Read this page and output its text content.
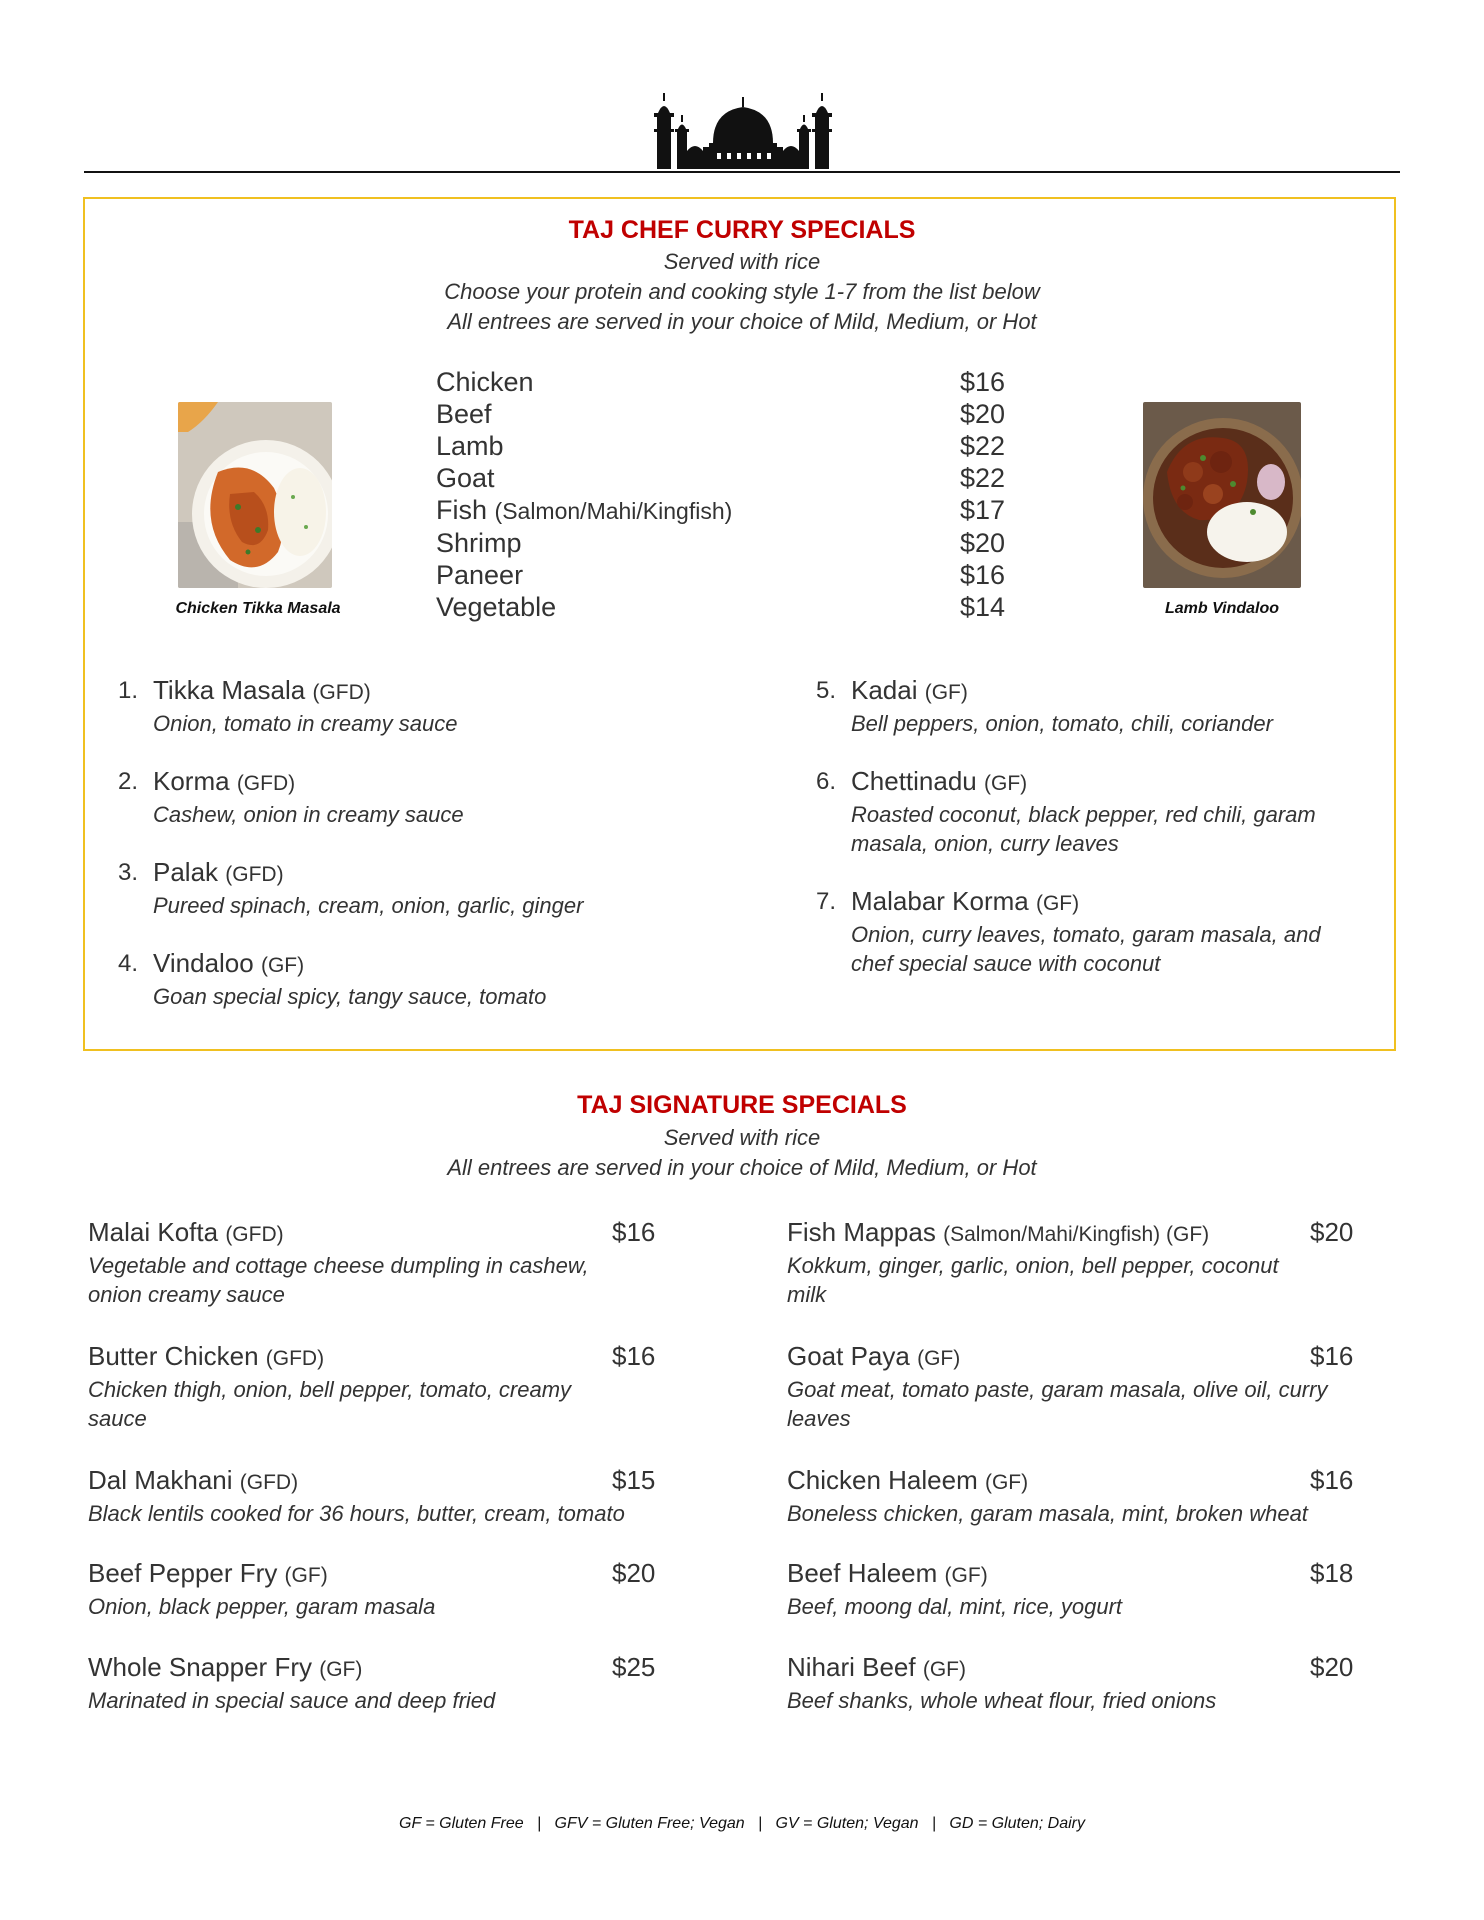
TAJ CHEF CURRY SPECIALS
Served with rice
Choose your protein and cooking style 1-7 from the list below
All entrees are served in your choice of Mild, Medium, or Hot
Chicken Tikka Masala	Lamb Vindaloo
Chicken	$16
Beef	$20
Lamb	$22
Goat	$22
Fish (Salmon/Mahi/Kingfish)	$17
Shrimp	$20
Paneer	$16
Vegetable	$14
1. Tikka Masala (GFD)
Onion, tomato in creamy sauce
2. Korma (GFD)
Cashew, onion in creamy sauce
3. Palak (GFD)
Pureed spinach, cream, onion, garlic, ginger
4. Vindaloo (GF)
Goan special spicy, tangy sauce, tomato
5. Kadai (GF)
Bell peppers, onion, tomato, chili, coriander
6. Chettinadu (GF)
Roasted coconut, black pepper, red chili, garam
masala, onion, curry leaves
7. Malabar Korma (GF)
Onion, curry leaves, tomato, garam masala, and
chef special sauce with coconut
TAJ SIGNATURE SPECIALS
Served with rice
All entrees are served in your choice of Mild, Medium, or Hot
Malai Kofta (GFD)	$16
Vegetable and cottage cheese dumpling in cashew,
onion creamy sauce
Butter Chicken (GFD)	$16
Chicken thigh, onion, bell pepper, tomato, creamy
sauce
Dal Makhani (GFD)	$15
Black lentils cooked for 36 hours, butter, cream, tomato
Beef Pepper Fry (GF)	$20
Onion, black pepper, garam masala
Whole Snapper Fry (GF)	$25
Marinated in special sauce and deep fried
Fish Mappas (Salmon/Mahi/Kingfish) (GF)	$20
Kokkum, ginger, garlic, onion, bell pepper, coconut
milk
Goat Paya (GF)	$16
Goat meat, tomato paste, garam masala, olive oil, curry
leaves
Chicken Haleem (GF)	$16
Boneless chicken, garam masala, mint, broken wheat
Beef Haleem (GF)	$18
Beef, moong dal, mint, rice, yogurt
Nihari Beef (GF)	$20
Beef shanks, whole wheat flour, fried onions
GF = Gluten Free   |   GFV = Gluten Free; Vegan   |   GV = Gluten; Vegan   |   GD = Gluten; Dairy
